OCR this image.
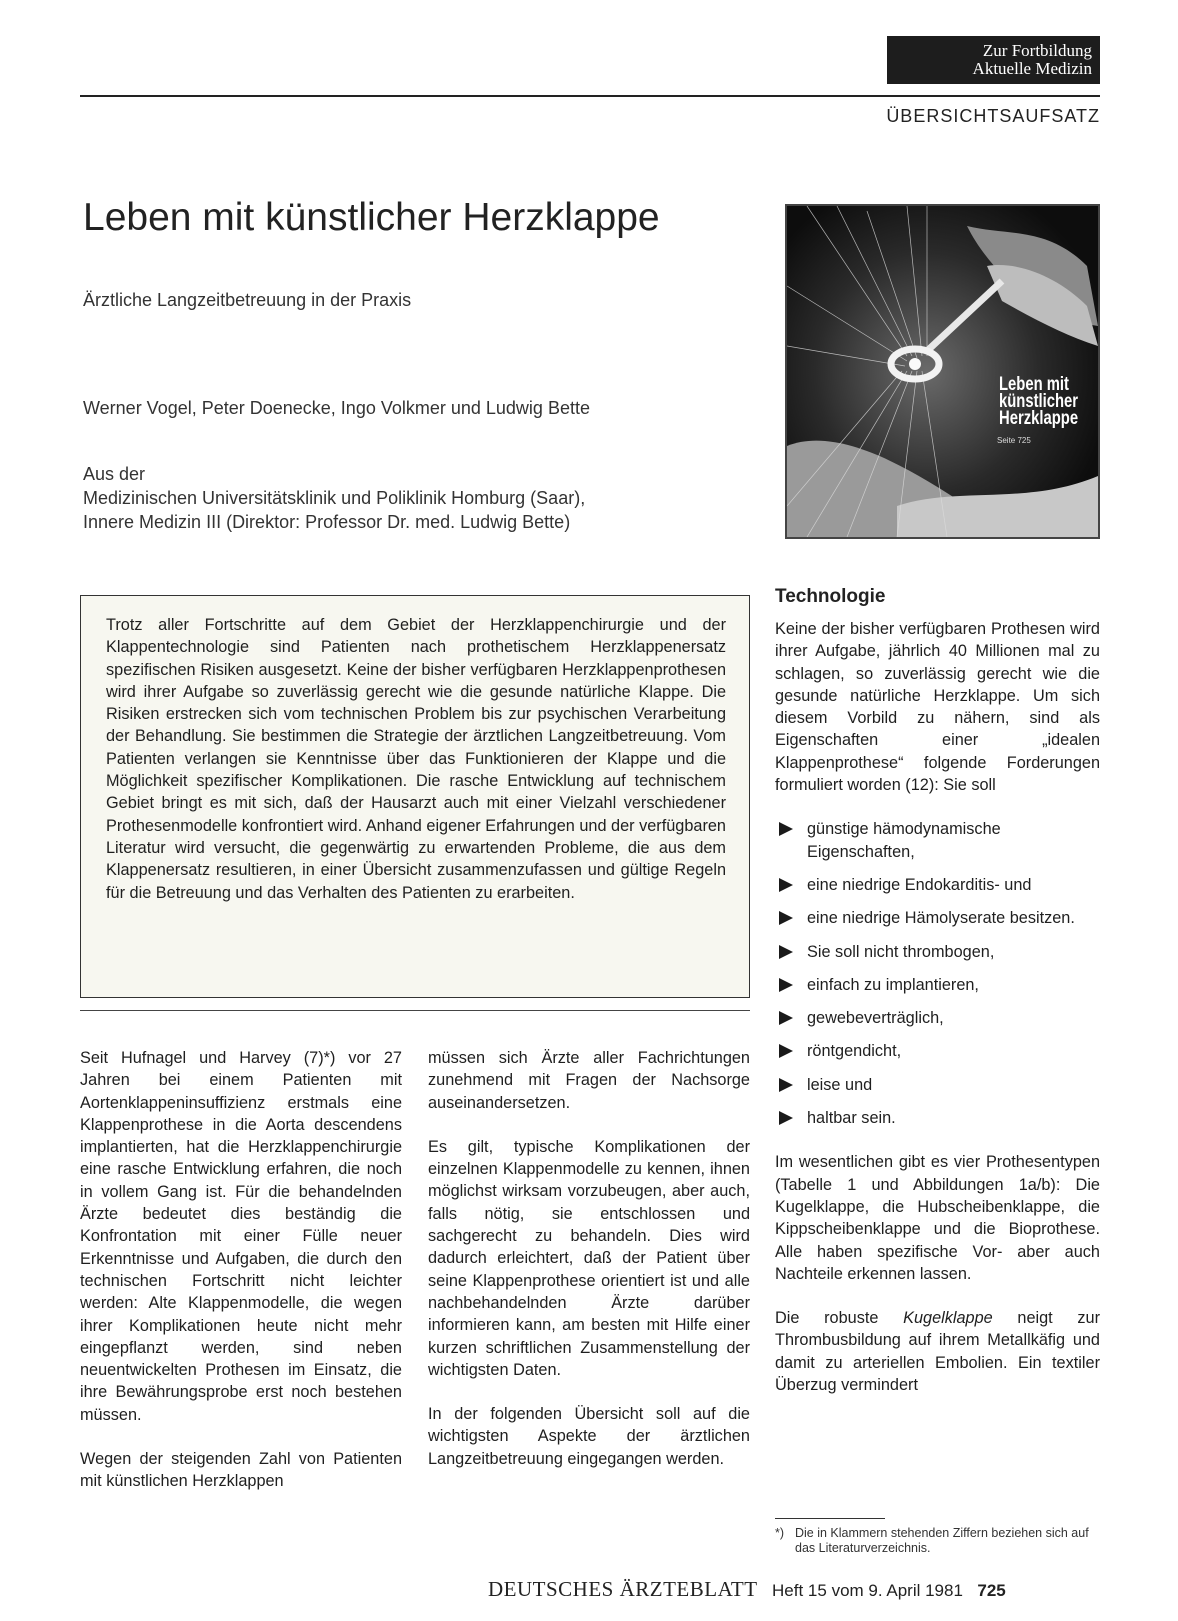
Zur Fortbildung
Aktuelle Medizin
ÜBERSICHTSAUFSATZ
Leben mit künstlicher Herzklappe
Ärztliche Langzeitbetreuung in der Praxis
Werner Vogel, Peter Doenecke, Ingo Volkmer und Ludwig Bette
Aus der
Medizinischen Universitätsklinik und Poliklinik Homburg (Saar),
Innere Medizin III (Direktor: Professor Dr. med. Ludwig Bette)
Leben mit
künstlicher
Herzklappe
Seite 725
Trotz aller Fortschritte auf dem Gebiet der Herzklappenchirurgie und der Klappentechnologie sind Patienten nach prothetischem Herzklappenersatz spezifischen Risiken ausgesetzt. Keine der bisher verfügbaren Herzklappenprothesen wird ihrer Aufgabe so zuverlässig gerecht wie die gesunde natürliche Klappe. Die Risiken erstrecken sich vom technischen Problem bis zur psychischen Verarbeitung der Behandlung. Sie bestimmen die Strategie der ärztlichen Langzeitbetreuung. Vom Patienten verlangen sie Kenntnisse über das Funktionieren der Klappe und die Möglichkeit spezifischer Komplikationen. Die rasche Entwicklung auf technischem Gebiet bringt es mit sich, daß der Hausarzt auch mit einer Vielzahl verschiedener Prothesenmodelle konfrontiert wird. Anhand eigener Erfahrungen und der verfügbaren Literatur wird versucht, die gegenwärtig zu erwartenden Probleme, die aus dem Klappenersatz resultieren, in einer Übersicht zusammenzufassen und gültige Regeln für die Betreuung und das Verhalten des Patienten zu erarbeiten.

Seit Hufnagel und Harvey (7)*) vor 27 Jahren bei einem Patienten mit Aortenklappeninsuffizienz erstmals eine Klappenprothese in die Aorta descendens implantierten, hat die Herzklappenchirurgie eine rasche Entwicklung erfahren, die noch in vollem Gang ist. Für die behandelnden Ärzte bedeutet dies beständig die Konfrontation mit einer Fülle neuer Erkenntnisse und Aufgaben, die durch den technischen Fortschritt nicht leichter werden: Alte Klappenmodelle, die wegen ihrer Komplikationen heute nicht mehr eingepflanzt werden, sind neben neuentwickelten Prothesen im Einsatz, die ihre Bewährungsprobe erst noch bestehen müssen.

Wegen der steigenden Zahl von Patienten mit künstlichen Herzklappen

müssen sich Ärzte aller Fachrichtungen zunehmend mit Fragen der Nachsorge auseinandersetzen.

Es gilt, typische Komplikationen der einzelnen Klappenmodelle zu kennen, ihnen möglichst wirksam vorzubeugen, aber auch, falls nötig, sie entschlossen und sachgerecht zu behandeln. Dies wird dadurch erleichtert, daß der Patient über seine Klappenprothese orientiert ist und alle nachbehandelnden Ärzte darüber informieren kann, am besten mit Hilfe einer kurzen schriftlichen Zusammenstellung der wichtigsten Daten.

In der folgenden Übersicht soll auf die wichtigsten Aspekte der ärztlichen Langzeitbetreuung eingegangen werden.

Technologie

Keine der bisher verfügbaren Prothesen wird ihrer Aufgabe, jährlich 40 Millionen mal zu schlagen, so zuverlässig gerecht wie die gesunde natürliche Herzklappe. Um sich diesem Vorbild zu nähern, sind als Eigenschaften einer „idealen Klappenprothese“ folgende Forderungen formuliert worden (12): Sie soll

günstige hämodynamische Eigenschaften,
eine niedrige Endokarditis- und
eine niedrige Hämolyserate besitzen.
Sie soll nicht thrombogen,
einfach zu implantieren,
gewebeverträglich,
röntgendicht,
leise und
haltbar sein.

Im wesentlichen gibt es vier Prothesentypen (Tabelle 1 und Abbildungen 1a/b): Die Kugelklappe, die Hubscheibenklappe, die Kippscheibenklappe und die Bioprothese. Alle haben spezifische Vor- aber auch Nachteile erkennen lassen.

Die robuste Kugelklappe neigt zur Thrombusbildung auf ihrem Metallkäfig und damit zu arteriellen Embolien. Ein textiler Überzug vermindert

*) Die in Klammern stehenden Ziffern beziehen sich auf das Literaturverzeichnis.
DEUTSCHES ÄRZTEBLATT Heft 15 vom 9. April 1981 725
